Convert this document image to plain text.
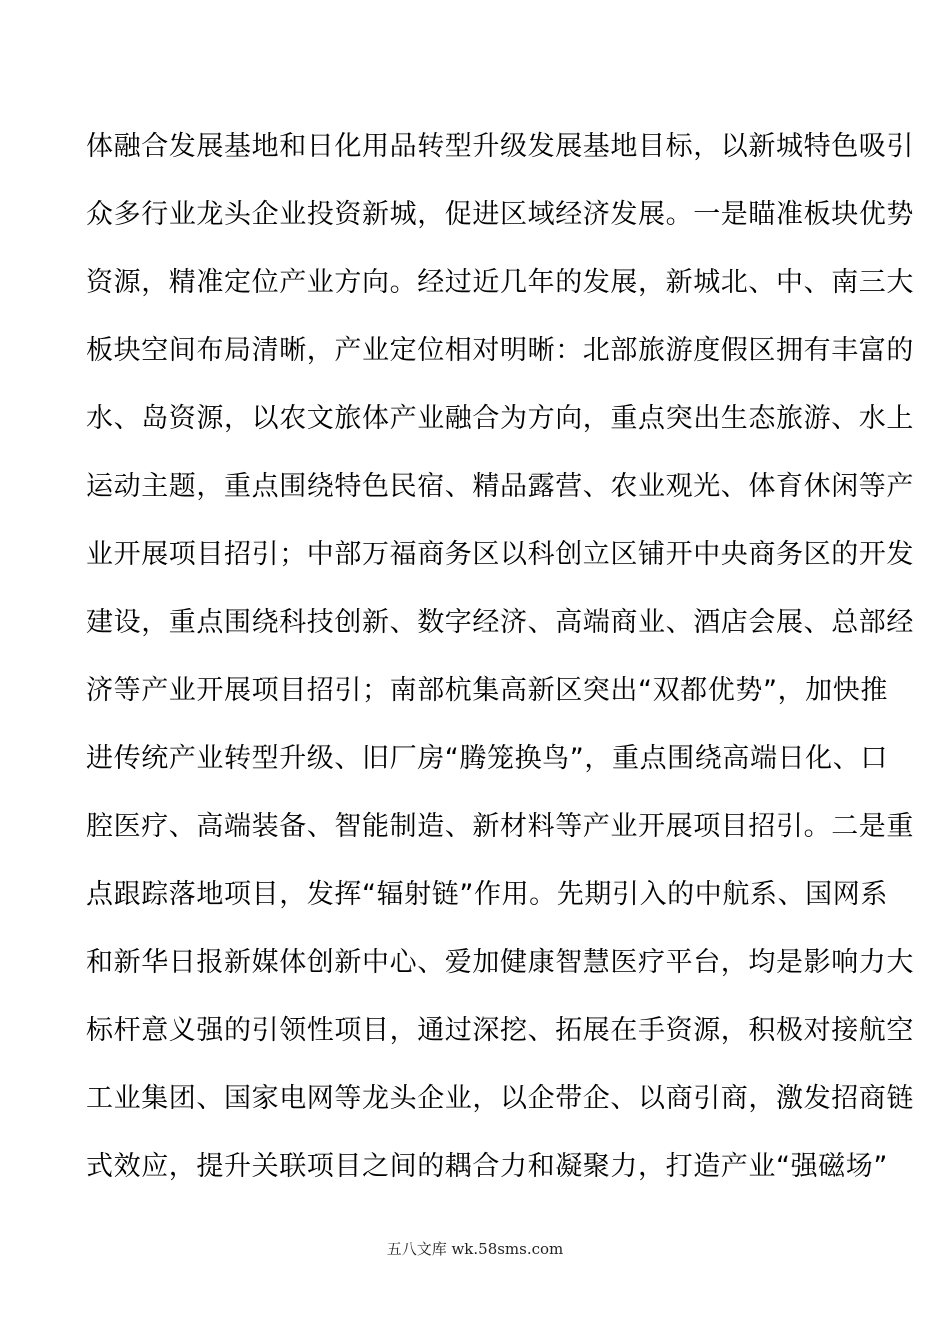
体融合发展基地和日化用品转型升级发展基地目标，以新城特色吸引
众多行业龙头企业投资新城，促进区域经济发展。一是瞄准板块优势
资源，精准定位产业方向。经过近几年的发展，新城北、中、南三大
板块空间布局清晰，产业定位相对明晰：北部旅游度假区拥有丰富的
水、岛资源，以农文旅体产业融合为方向，重点突出生态旅游、水上
运动主题，重点围绕特色民宿、精品露营、农业观光、体育休闲等产
业开展项目招引；中部万福商务区以科创立区铺开中央商务区的开发
建设，重点围绕科技创新、数字经济、高端商业、酒店会展、总部经
济等产业开展项目招引；南部杭集高新区突出“双都优势”，加快推
进传统产业转型升级、旧厂房“腾笼换鸟”，重点围绕高端日化、口
腔医疗、高端装备、智能制造、新材料等产业开展项目招引。二是重
点跟踪落地项目，发挥“辐射链”作用。先期引入的中航系、国网系
和新华日报新媒体创新中心、爱加健康智慧医疗平台，均是影响力大
标杆意义强的引领性项目，通过深挖、拓展在手资源，积极对接航空
工业集团、国家电网等龙头企业，以企带企、以商引商，激发招商链
式效应，提升关联项目之间的耦合力和凝聚力，打造产业“强磁场”
五八文库 wk.58sms.com
